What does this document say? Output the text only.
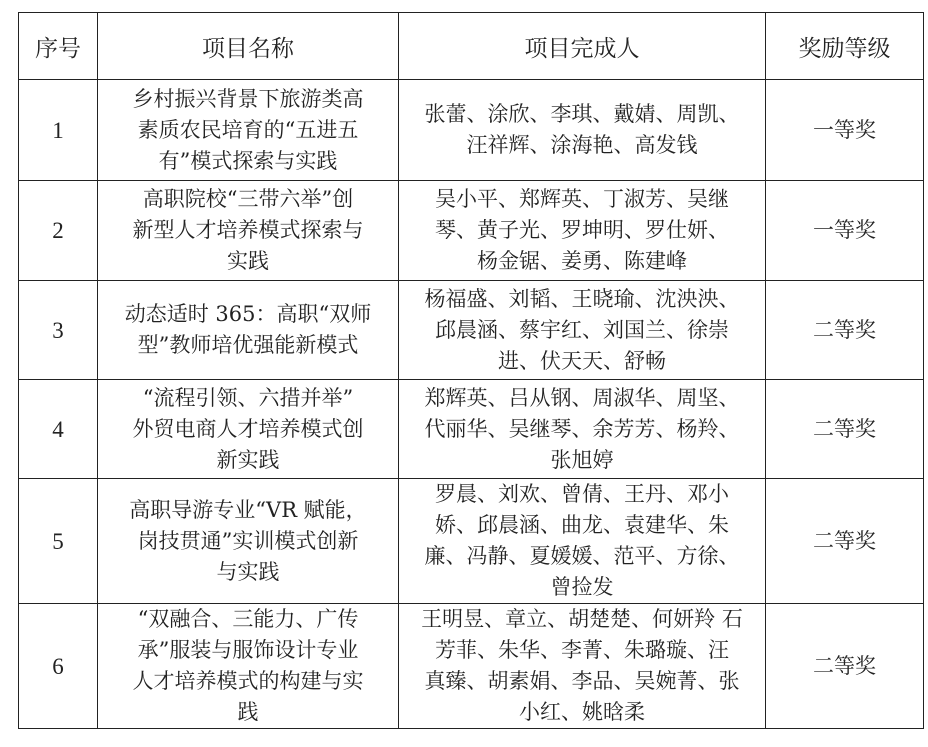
序号	项目名称	项目完成人	奖励等级
1	乡村振兴背景下旅游类高
素质农民培育的“五进五
有”模式探索与实践	张蕾、涂欣、李琪、戴婧、周凯、
汪祥辉、涂海艳、高发钱	一等奖
2	高职院校“三带六举”创
新型人才培养模式探索与
实践	吴小平、郑辉英、丁淑芳、吴继
琴、黄子光、罗坤明、罗仕妍、
杨金锯、姜勇、陈建峰	一等奖
3	动态适时 365：高职“双师
型”教师培优强能新模式	杨福盛、刘韬、王晓瑜、沈泱泱、
邱晨涵、蔡宇红、刘国兰、徐崇
进、伏天天、舒畅	二等奖
4	“流程引领、六措并举”
外贸电商人才培养模式创
新实践	郑辉英、吕从钢、周淑华、周坚、
代丽华、吴继琴、余芳芳、杨羚、
张旭婷	二等奖
5	高职导游专业“VR 赋能，
岗技贯通”实训模式创新
与实践	罗晨、刘欢、曾倩、王丹、邓小
娇、邱晨涵、曲龙、袁建华、朱
廉、冯静、夏媛媛、范平、方徐、
曾捡发	二等奖
6	“双融合、三能力、广传
承”服装与服饰设计专业
人才培养模式的构建与实
践	王明昱、章立、胡楚楚、何妍羚 石
芳菲、朱华、李菁、朱璐璇、汪
真臻、胡素娟、李品、吴婉菁、张
小红、姚晗柔	二等奖
